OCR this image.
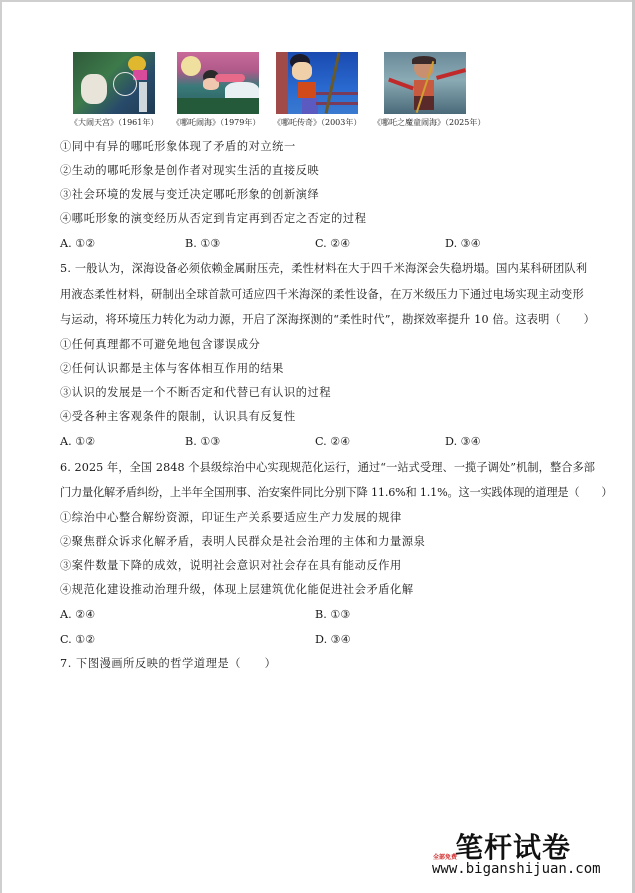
《大闹天宫》（1961年） 《哪吒闹海》（1979年） 《哪吒传奇》（2003年） 《哪吒之魔童闹海》（2025年）
①同中有异的哪吒形象体现了矛盾的对立统一
②生动的哪吒形象是创作者对现实生活的直接反映
③社会环境的发展与变迁决定哪吒形象的创新演绎
④哪吒形象的演变经历从否定到肯定再到否定之否定的过程
A. ①②	B. ①③	C. ②④	D. ③④
5. 一般认为，深海设备必须依赖金属耐压壳，柔性材料在大于四千米海深会失稳坍塌。国内某科研团队利
用液态柔性材料，研制出全球首款可适应四千米海深的柔性设备，在万米级压力下通过电场实现主动变形
与运动，将环境压力转化为动力源，开启了深海探测的“柔性时代”，勘探效率提升 10 倍。这表明（　　）
①任何真理都不可避免地包含谬误成分
②任何认识都是主体与客体相互作用的结果
③认识的发展是一个不断否定和代替已有认识的过程
④受各种主客观条件的限制，认识具有反复性
A. ①②	B. ①③	C. ②④	D. ③④
6. 2025 年，全国 2848 个县级综治中心实现规范化运行，通过“一站式受理、一揽子调处”机制，整合多部
门力量化解矛盾纠纷，上半年全国刑事、治安案件同比分别下降 11.6%和 1.1%。这一实践体现的道理是（　　）
①综治中心整合解纷资源，印证生产关系要适应生产力发展的规律
②聚焦群众诉求化解矛盾，表明人民群众是社会治理的主体和力量源泉
③案件数量下降的成效，说明社会意识对社会存在具有能动反作用
④规范化建设推动治理升级，体现上层建筑优化能促进社会矛盾化解
A. ②④	B. ①③
C. ①②	D. ③④
7. 下图漫画所反映的哲学道理是（　　）
笔杆试卷
全部免费
www.biganshijuan.com
